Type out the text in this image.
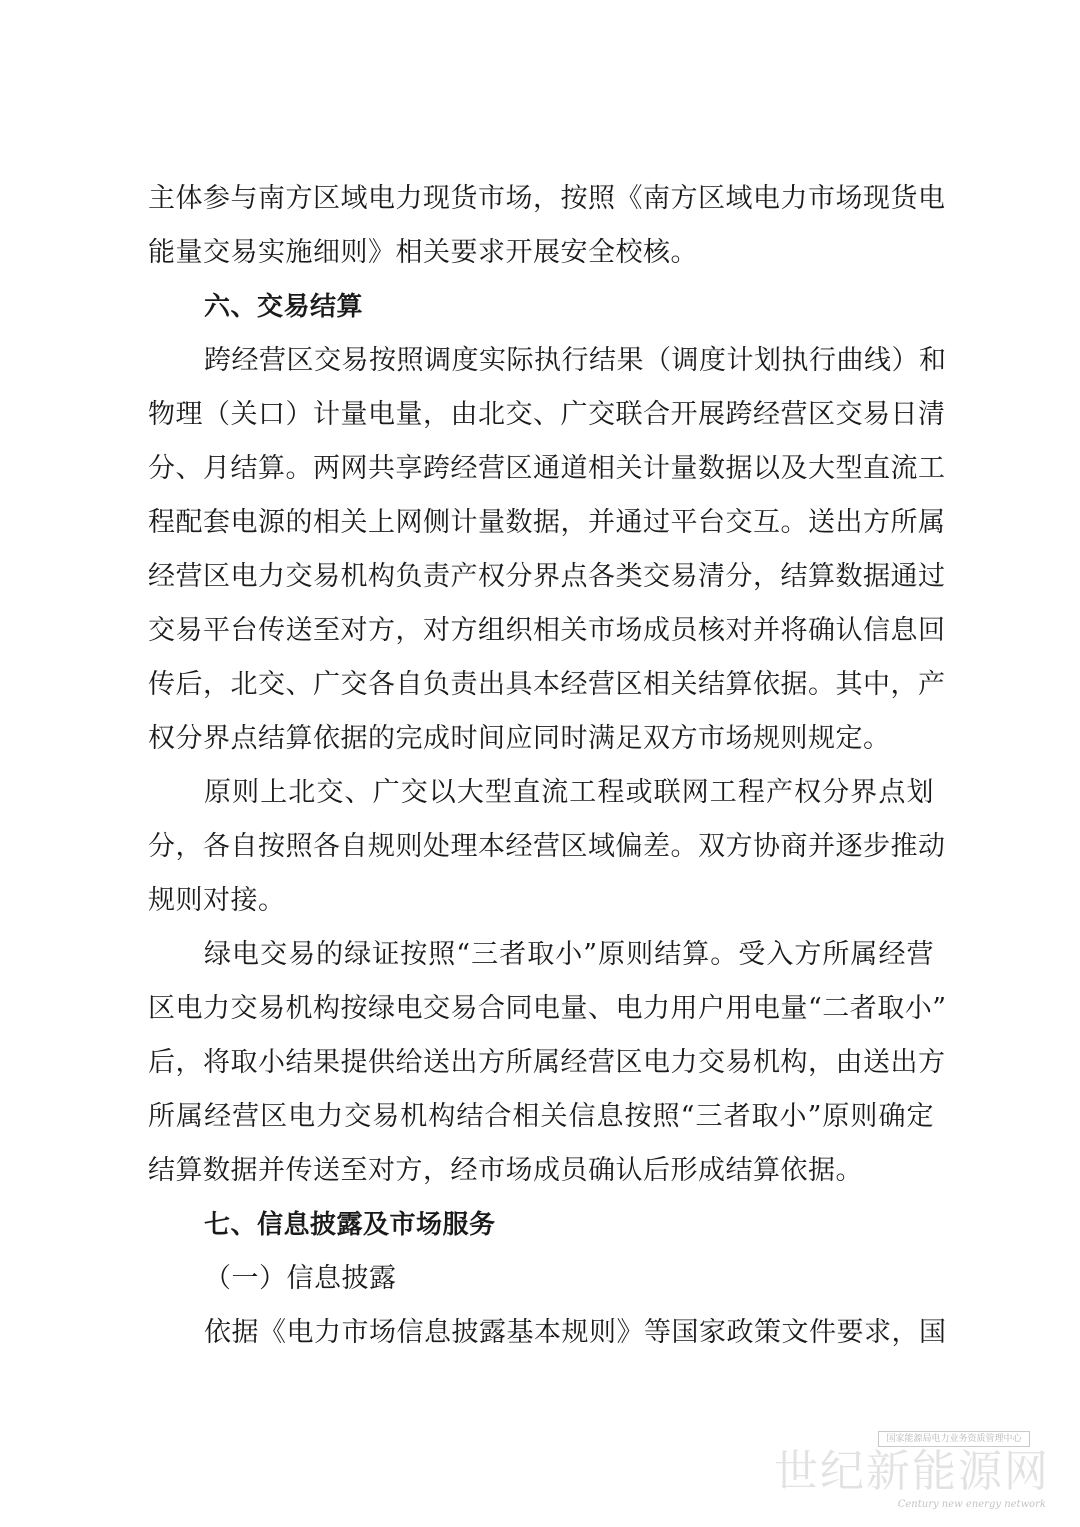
主体参与南方区域电力现货市场，按照《南方区域电力市场现货电
能量交易实施细则》相关要求开展安全校核。
六、交易结算
跨经营区交易按照调度实际执行结果（调度计划执行曲线）和
物理（关口）计量电量，由北交、广交联合开展跨经营区交易日清
分、月结算。两网共享跨经营区通道相关计量数据以及大型直流工
程配套电源的相关上网侧计量数据，并通过平台交互。送出方所属
经营区电力交易机构负责产权分界点各类交易清分，结算数据通过
交易平台传送至对方，对方组织相关市场成员核对并将确认信息回
传后，北交、广交各自负责出具本经营区相关结算依据。其中，产
权分界点结算依据的完成时间应同时满足双方市场规则规定。
原则上北交、广交以大型直流工程或联网工程产权分界点划
分，各自按照各自规则处理本经营区域偏差。双方协商并逐步推动
规则对接。
绿电交易的绿证按照“三者取小”原则结算。受入方所属经营
区电力交易机构按绿电交易合同电量、电力用户用电量“二者取小”
后，将取小结果提供给送出方所属经营区电力交易机构，由送出方
所属经营区电力交易机构结合相关信息按照“三者取小”原则确定
结算数据并传送至对方，经市场成员确认后形成结算依据。
七、信息披露及市场服务
（一）信息披露
依据《电力市场信息披露基本规则》等国家政策文件要求，国
国家能源局电力业务资质管理中心
世纪新能源网
Century new energy network
